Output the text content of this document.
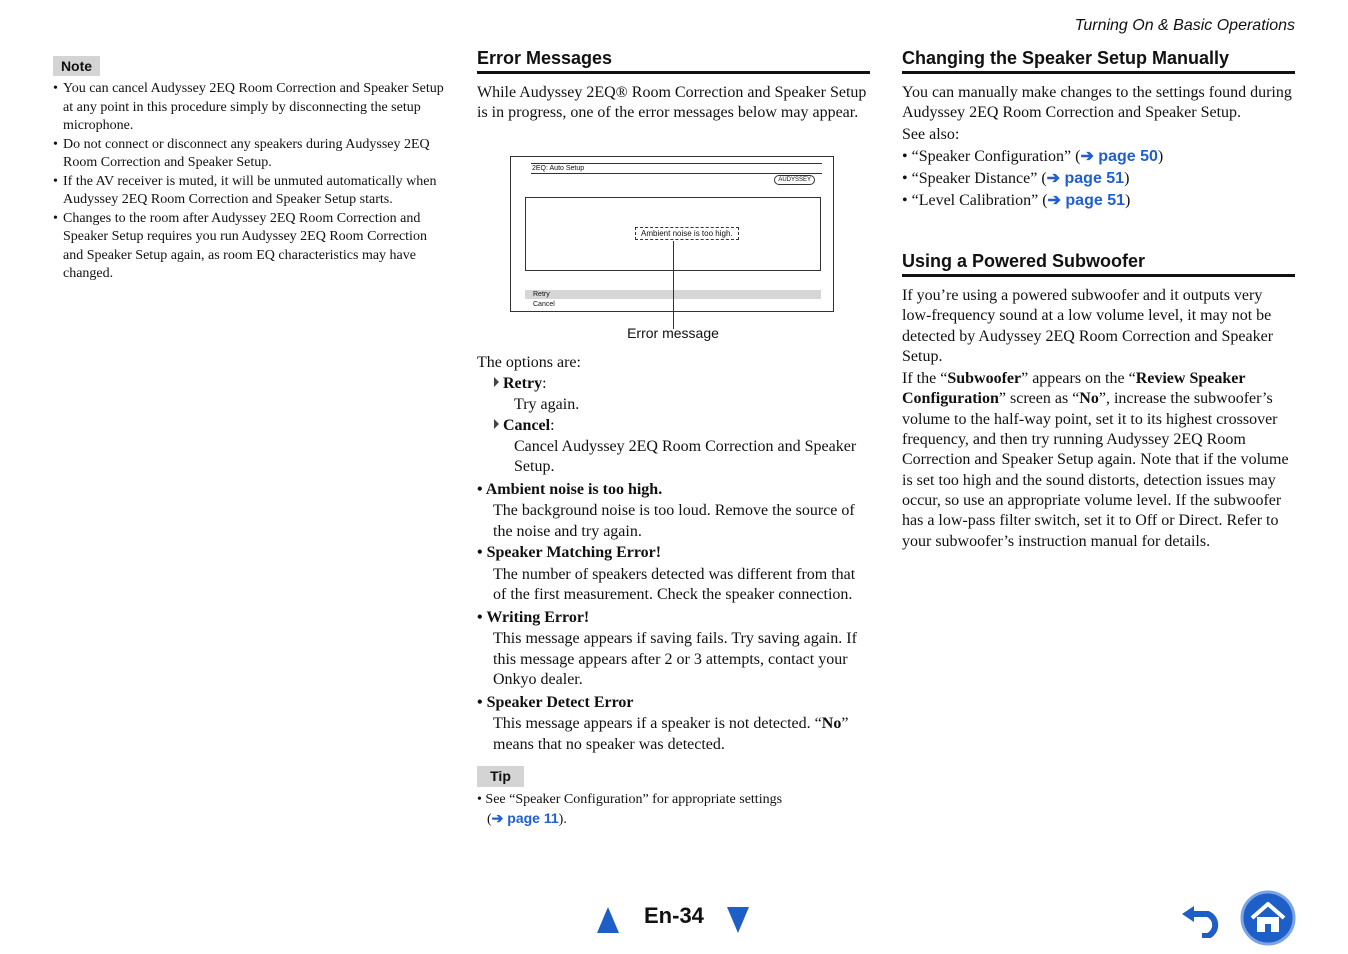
Turning On & Basic Operations
Note
• You can cancel Audyssey 2EQ Room Correction and Speaker Setup at any point in this procedure simply by disconnecting the setup microphone.
• Do not connect or disconnect any speakers during Audyssey 2EQ Room Correction and Speaker Setup.
• If the AV receiver is muted, it will be unmuted automatically when Audyssey 2EQ Room Correction and Speaker Setup starts.
• Changes to the room after Audyssey 2EQ Room Correction and Speaker Setup requires you run Audyssey 2EQ Room Correction and Speaker Setup again, as room EQ characteristics may have changed.
Error Messages

While Audyssey 2EQ® Room Correction and Speaker Setup is in progress, one of the error messages below may appear.

2EQ: Auto Setup
AUDYSSEY
Ambient noise is too high.
Retry
Cancel
Error message
The options are:
Retry:
Try again.
Cancel:
Cancel Audyssey 2EQ Room Correction and Speaker
Setup.
• Ambient noise is too high.
The background noise is too loud. Remove the source of
the noise and try again.
• Speaker Matching Error!
The number of speakers detected was different from that
of the first measurement. Check the speaker connection.
• Writing Error!
This message appears if saving fails. Try saving again. If
this message appears after 2 or 3 attempts, contact your
Onkyo dealer.
• Speaker Detect Error
This message appears if a speaker is not detected. “No”
means that no speaker was detected.
Tip
• See “Speaker Configuration” for appropriate settings
(➔ page 11).
Changing the Speaker Setup Manually

You can manually make changes to the settings found during Audyssey 2EQ Room Correction and Speaker Setup.

See also:

• “Speaker Configuration” (➔ page 50)
• “Speaker Distance” (➔ page 51)
• “Level Calibration” (➔ page 51)
Using a Powered Subwoofer

If you’re using a powered subwoofer and it outputs very low-frequency sound at a low volume level, it may not be detected by Audyssey 2EQ Room Correction and Speaker Setup.

If the “Subwoofer” appears on the “Review Speaker Configuration” screen as “No”, increase the subwoofer’s volume to the half-way point, set it to its highest crossover frequency, and then try running Audyssey 2EQ Room Correction and Speaker Setup again. Note that if the volume is set too high and the sound distorts, detection issues may occur, so use an appropriate volume level. If the subwoofer has a low-pass filter switch, set it to Off or Direct. Refer to your subwoofer’s instruction manual for details.

En-34
